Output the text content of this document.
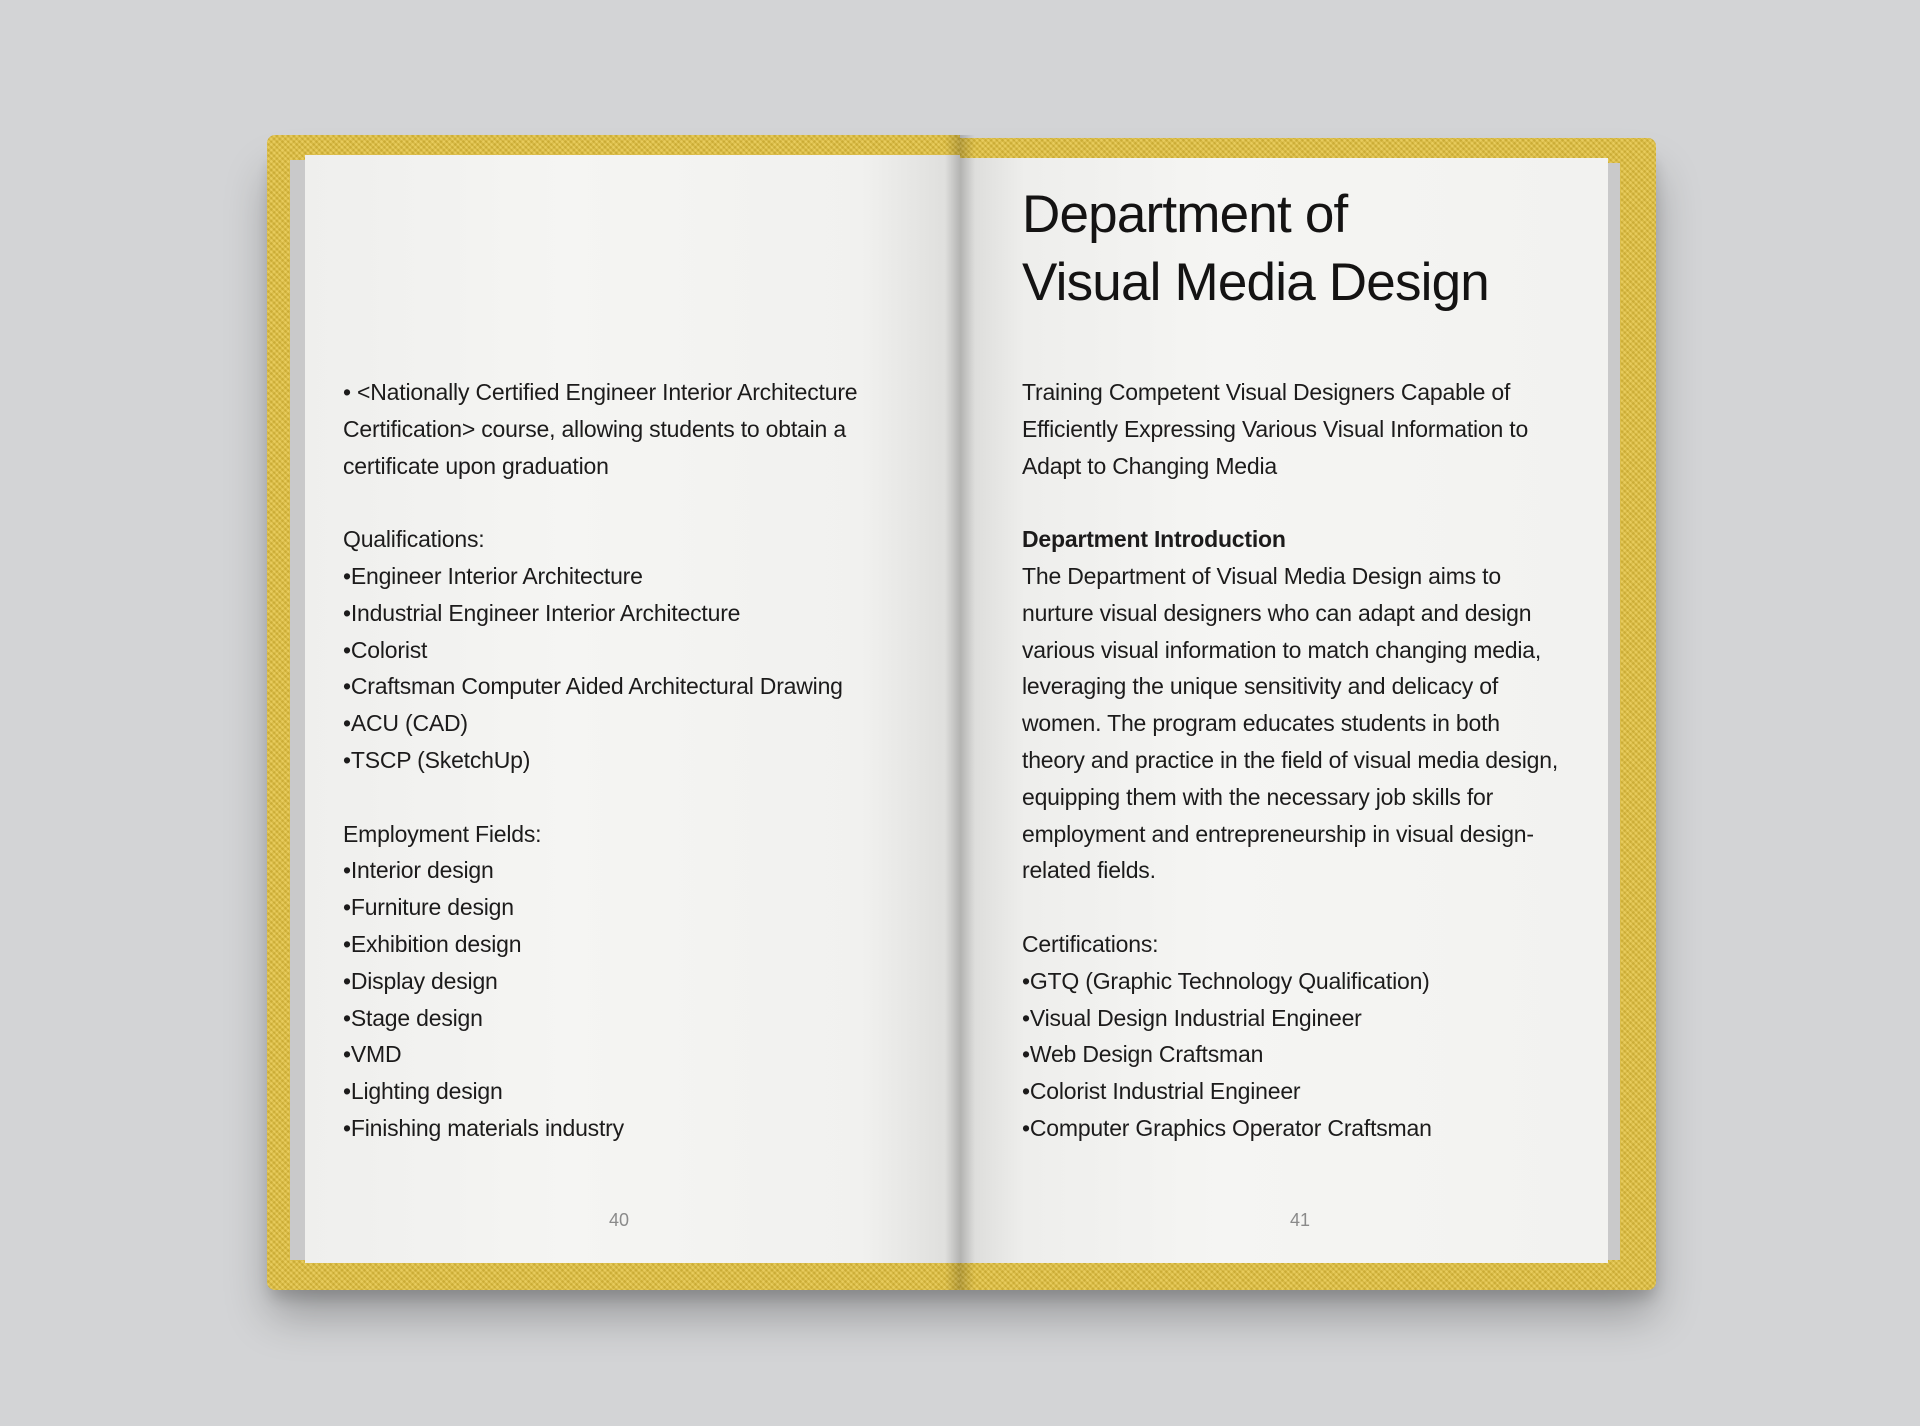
• <Nationally Certified Engineer Interior Architecture
Certification> course, allowing students to obtain a
certificate upon graduation
Qualifications:
• Engineer Interior Architecture
• Industrial Engineer Interior Architecture
• Colorist
• Craftsman Computer Aided Architectural Drawing
• ACU (CAD)
• TSCP (SketchUp)
Employment Fields:
• Interior design
• Furniture design
• Exhibition design
• Display design
• Stage design
• VMD
• Lighting design
• Finishing materials industry
40
Department of
Visual Media Design
Training Competent Visual Designers Capable of
Efficiently Expressing Various Visual Information to
Adapt to Changing Media
Department Introduction
The Department of Visual Media Design aims to
nurture visual designers who can adapt and design
various visual information to match changing media,
leveraging the unique sensitivity and delicacy of
women. The program educates students in both
theory and practice in the field of visual media design,
equipping them with the necessary job skills for
employment and entrepreneurship in visual design-
related fields.
Certifications:
• GTQ (Graphic Technology Qualification)
• Visual Design Industrial Engineer
• Web Design Craftsman
• Colorist Industrial Engineer
• Computer Graphics Operator Craftsman
41
